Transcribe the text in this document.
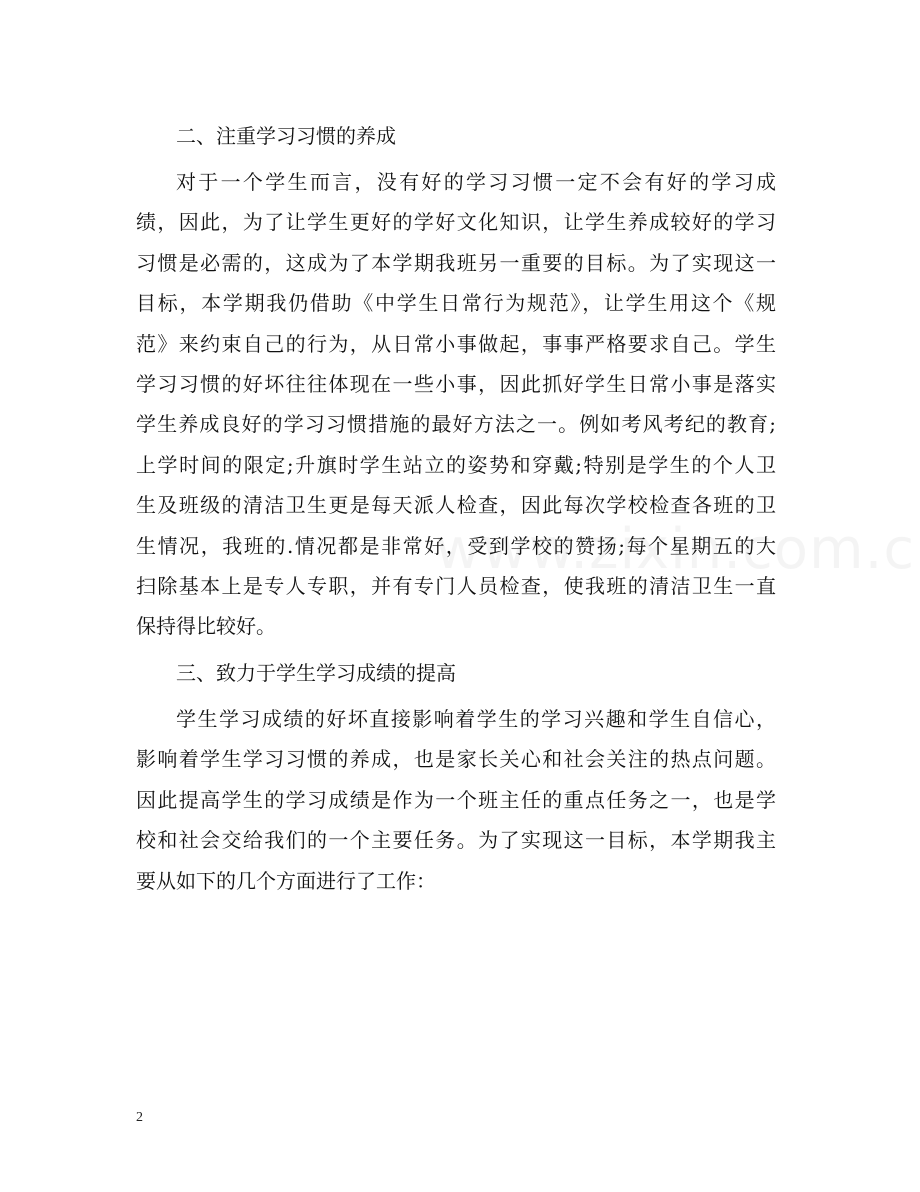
二、注重学习习惯的养成
对于一个学生而言，没有好的学习习惯一定不会有好的学习成
绩，因此，为了让学生更好的学好文化知识，让学生养成较好的学习
习惯是必需的，这成为了本学期我班另一重要的目标。为了实现这一
目标，本学期我仍借助《中学生日常行为规范》，让学生用这个《规
范》来约束自己的行为，从日常小事做起，事事严格要求自己。学生
学习习惯的好坏往往体现在一些小事，因此抓好学生日常小事是落实
学生养成良好的学习习惯措施的最好方法之一。例如考风考纪的教育;
上学时间的限定;升旗时学生站立的姿势和穿戴;特别是学生的个人卫
生及班级的清洁卫生更是每天派人检查，因此每次学校检查各班的卫
生情况，我班的.情况都是非常好，受到学校的赞扬;每个星期五的大
扫除基本上是专人专职，并有专门人员检查，使我班的清洁卫生一直
保持得比较好。
三、致力于学生学习成绩的提高
学生学习成绩的好坏直接影响着学生的学习兴趣和学生自信心，
影响着学生学习习惯的养成，也是家长关心和社会关注的热点问题。
因此提高学生的学习成绩是作为一个班主任的重点任务之一，也是学
校和社会交给我们的一个主要任务。为了实现这一目标，本学期我主
要从如下的几个方面进行了工作：
2
